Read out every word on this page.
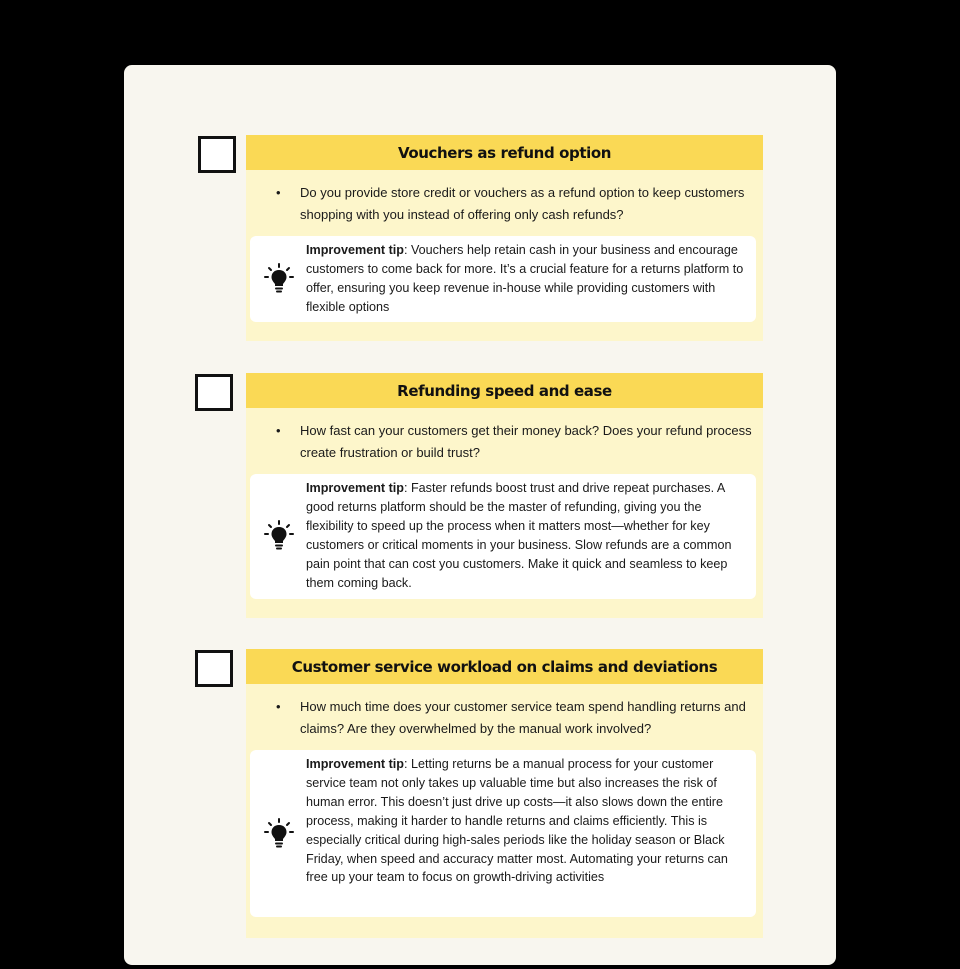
Vouchers as refund option
•	Do you provide store credit or vouchers as a refund option to keep customers shopping with you instead of offering only cash refunds?
Improvement tip: Vouchers help retain cash in your business and encourage customers to come back for more. It’s a crucial feature for a returns platform to offer, ensuring you keep revenue in-house while providing customers with flexible options
Refunding speed and ease
•	How fast can your customers get their money back? Does your refund process create frustration or build trust?
Improvement tip: Faster refunds boost trust and drive repeat purchases. A good returns platform should be the master of refunding, giving you the flexibility to speed up the process when it matters most—whether for key customers or critical moments in your business. Slow refunds are a common pain point that can cost you customers. Make it quick and seamless to keep them coming back.
Customer service workload on claims and deviations
•	How much time does your customer service team spend handling returns and claims? Are they overwhelmed by the manual work involved?
Improvement tip: Letting returns be a manual process for your customer service team not only takes up valuable time but also increases the risk of human error. This doesn’t just drive up costs—it also slows down the entire process, making it harder to handle returns and claims efficiently. This is especially critical during high-sales periods like the holiday season or Black Friday, when speed and accuracy matter most. Automating your returns can free up your team to focus on growth-driving activities
